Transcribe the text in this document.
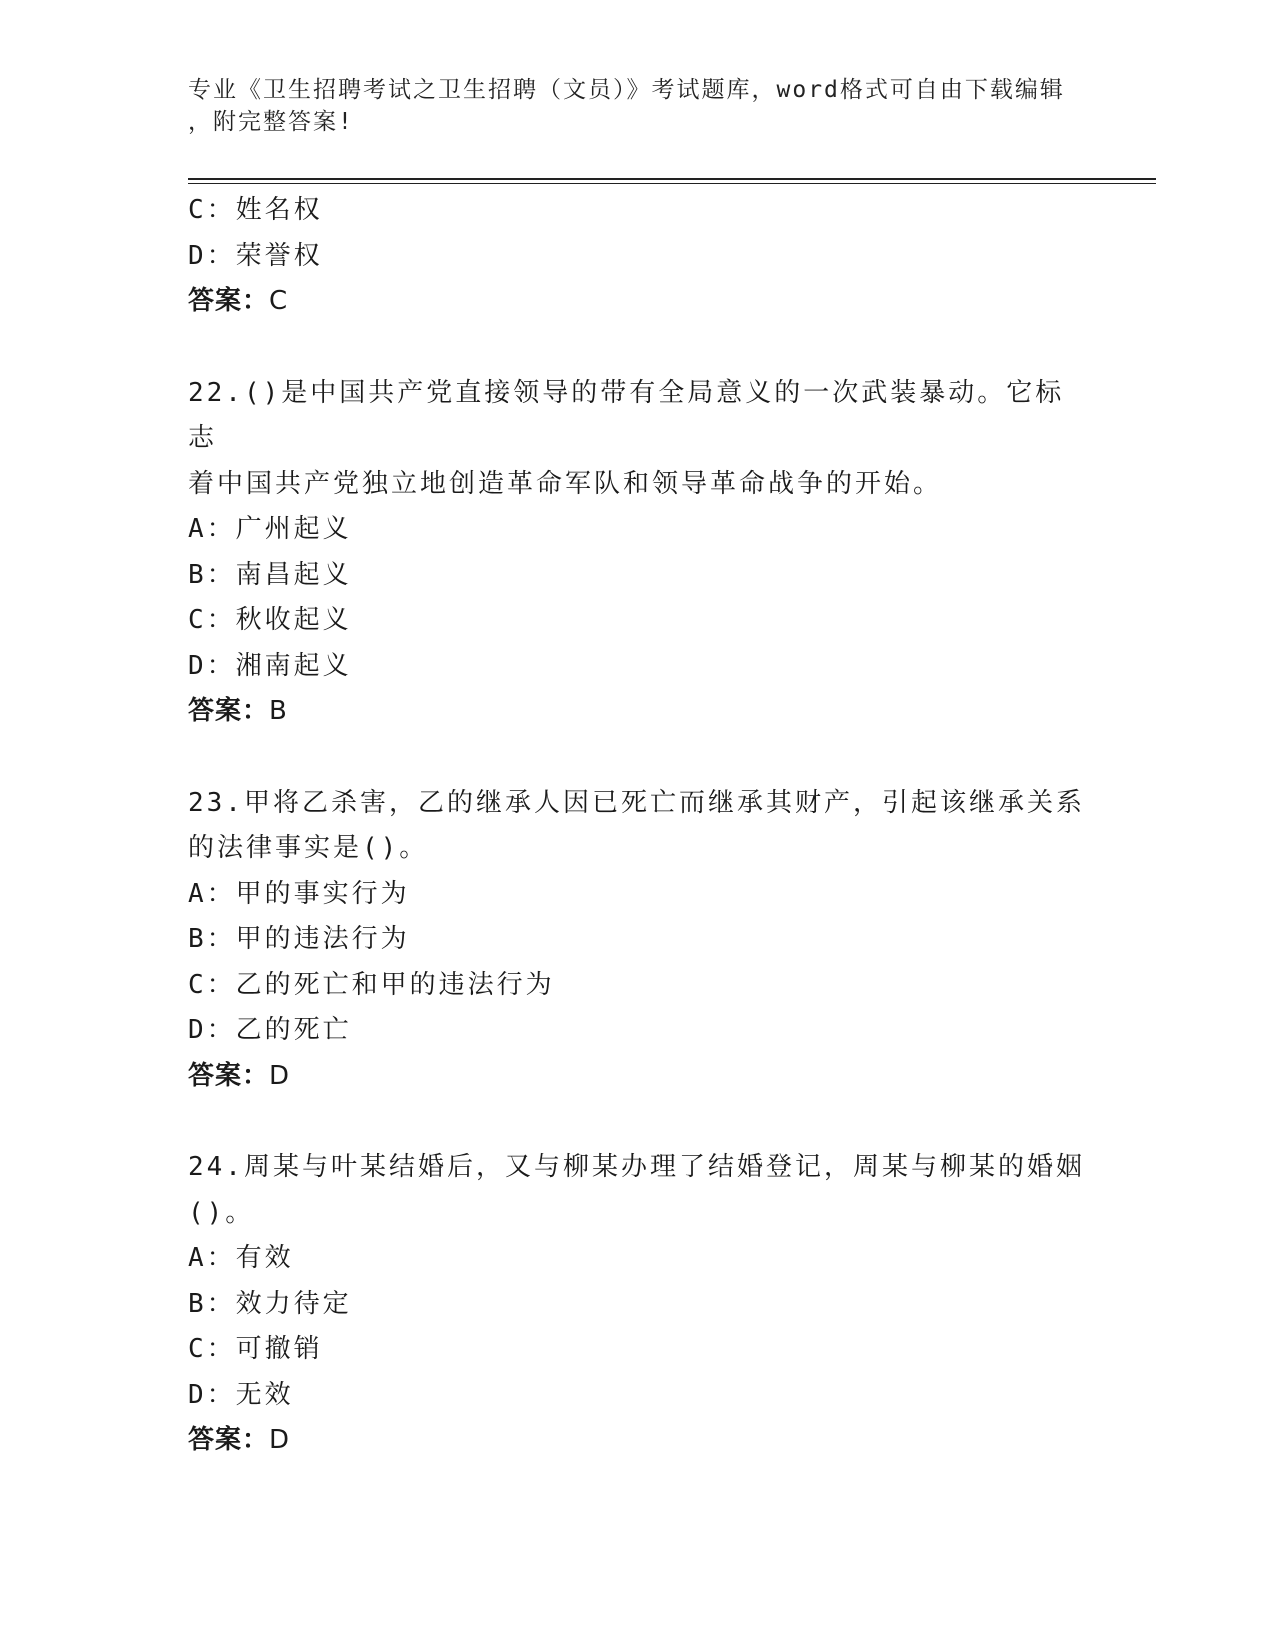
专业《卫生招聘考试之卫生招聘（文员）》考试题库，word格式可自由下载编辑
，附完整答案!
C：姓名权
D：荣誉权
答案：C
22.()是中国共产党直接领导的带有全局意义的一次武装暴动。它标志
着中国共产党独立地创造革命军队和领导革命战争的开始。
A：广州起义
B：南昌起义
C：秋收起义
D：湘南起义
答案：B
23.甲将乙杀害，乙的继承人因已死亡而继承其财产，引起该继承关系
的法律事实是()。
A：甲的事实行为
B：甲的违法行为
C：乙的死亡和甲的违法行为
D：乙的死亡
答案：D
24.周某与叶某结婚后，又与柳某办理了结婚登记，周某与柳某的婚姻
()。
A：有效
B：效力待定
C：可撤销
D：无效
答案：D
